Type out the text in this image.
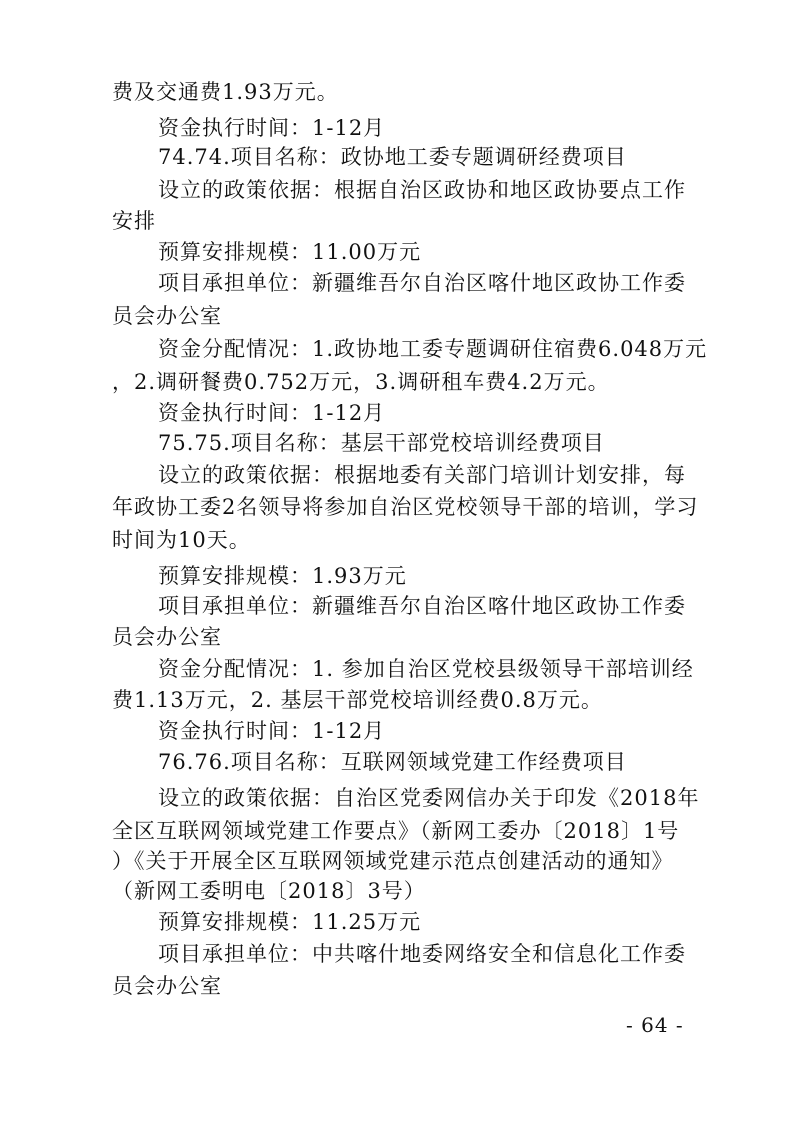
费及交通费1.93万元。
资金执行时间：1-12月
74.74.项目名称：政协地工委专题调研经费项目
设立的政策依据：根据自治区政协和地区政协要点工作
安排
预算安排规模：11.00万元
项目承担单位：新疆维吾尔自治区喀什地区政协工作委
员会办公室
资金分配情况：1.政协地工委专题调研住宿费6.048万元
，2.调研餐费0.752万元，3.调研租车费4.2万元。
资金执行时间：1-12月
75.75.项目名称：基层干部党校培训经费项目
设立的政策依据：根据地委有关部门培训计划安排，每
年政协工委2名领导将参加自治区党校领导干部的培训，学习
时间为10天。
预算安排规模：1.93万元
项目承担单位：新疆维吾尔自治区喀什地区政协工作委
员会办公室
资金分配情况：1. 参加自治区党校县级领导干部培训经
费1.13万元，2. 基层干部党校培训经费0.8万元。
资金执行时间：1-12月
76.76.项目名称：互联网领域党建工作经费项目
设立的政策依据：自治区党委网信办关于印发《2018年
全区互联网领域党建工作要点》（新网工委办〔2018〕1号
）《关于开展全区互联网领域党建示范点创建活动的通知》
（新网工委明电〔2018〕3号）
预算安排规模：11.25万元
项目承担单位：中共喀什地委网络安全和信息化工作委
员会办公室
- 64 -
